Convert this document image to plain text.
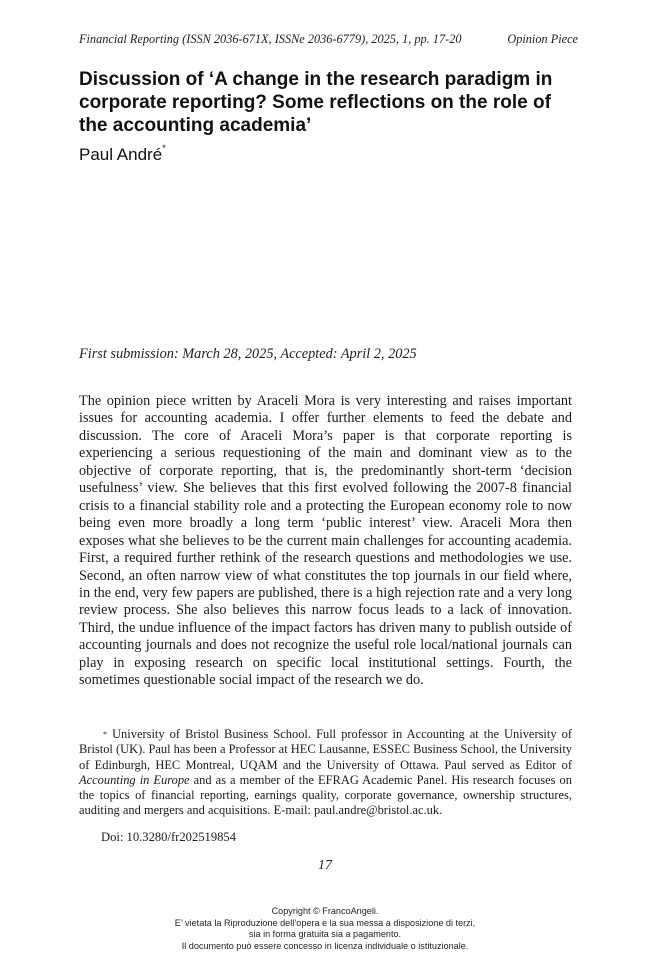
Financial Reporting (ISSN 2036-671X, ISSNe 2036-6779), 2025, 1, pp. 17-20	Opinion Piece
Discussion of ‘A change in the research paradigm in corporate reporting? Some reflections on the role of the accounting academia’

Paul André*

First submission: March 28, 2025, Accepted: April 2, 2025

The opinion piece written by Araceli Mora is very interesting and raises important issues for accounting academia. I offer further elements to feed the debate and discussion. The core of Araceli Mora’s paper is that corporate reporting is experiencing a serious requestioning of the main and dominant view as to the objective of corporate reporting, that is, the predominantly short-term ‘decision usefulness’ view. She believes that this first evolved following the 2007-8 financial crisis to a financial stability role and a protecting the European economy role to now being even more broadly a long term ‘public interest’ view. Araceli Mora then exposes what she believes to be the current main challenges for accounting academia. First, a required further rethink of the research questions and methodologies we use. Second, an often narrow view of what constitutes the top journals in our field where, in the end, very few papers are published, there is a high rejection rate and a very long review process. She also believes this narrow focus leads to a lack of innovation. Third, the undue influence of the impact factors has driven many to publish outside of accounting journals and does not recognize the useful role local/national journals can play in exposing research on specific local institutional settings. Fourth, the sometimes questionable social impact of the research we do.

* University of Bristol Business School. Full professor in Accounting at the University of Bristol (UK). Paul has been a Professor at HEC Lausanne, ESSEC Business School, the University of Edinburgh, HEC Montreal, UQAM and the University of Ottawa. Paul served as Editor of Accounting in Europe and as a member of the EFRAG Academic Panel. His research focuses on the topics of financial reporting, earnings quality, corporate governance, ownership structures, auditing and mergers and acquisitions. E-mail: paul.andre@bristol.ac.uk.

Doi: 10.3280/fr202519854

17

Copyright © FrancoAngeli.
E’ vietata la Riproduzione dell’opera e la sua messa a disposizione di terzi,
sia in forma gratuita sia a pagamento.
Il documento può essere concesso in licenza individuale o istituzionale.
